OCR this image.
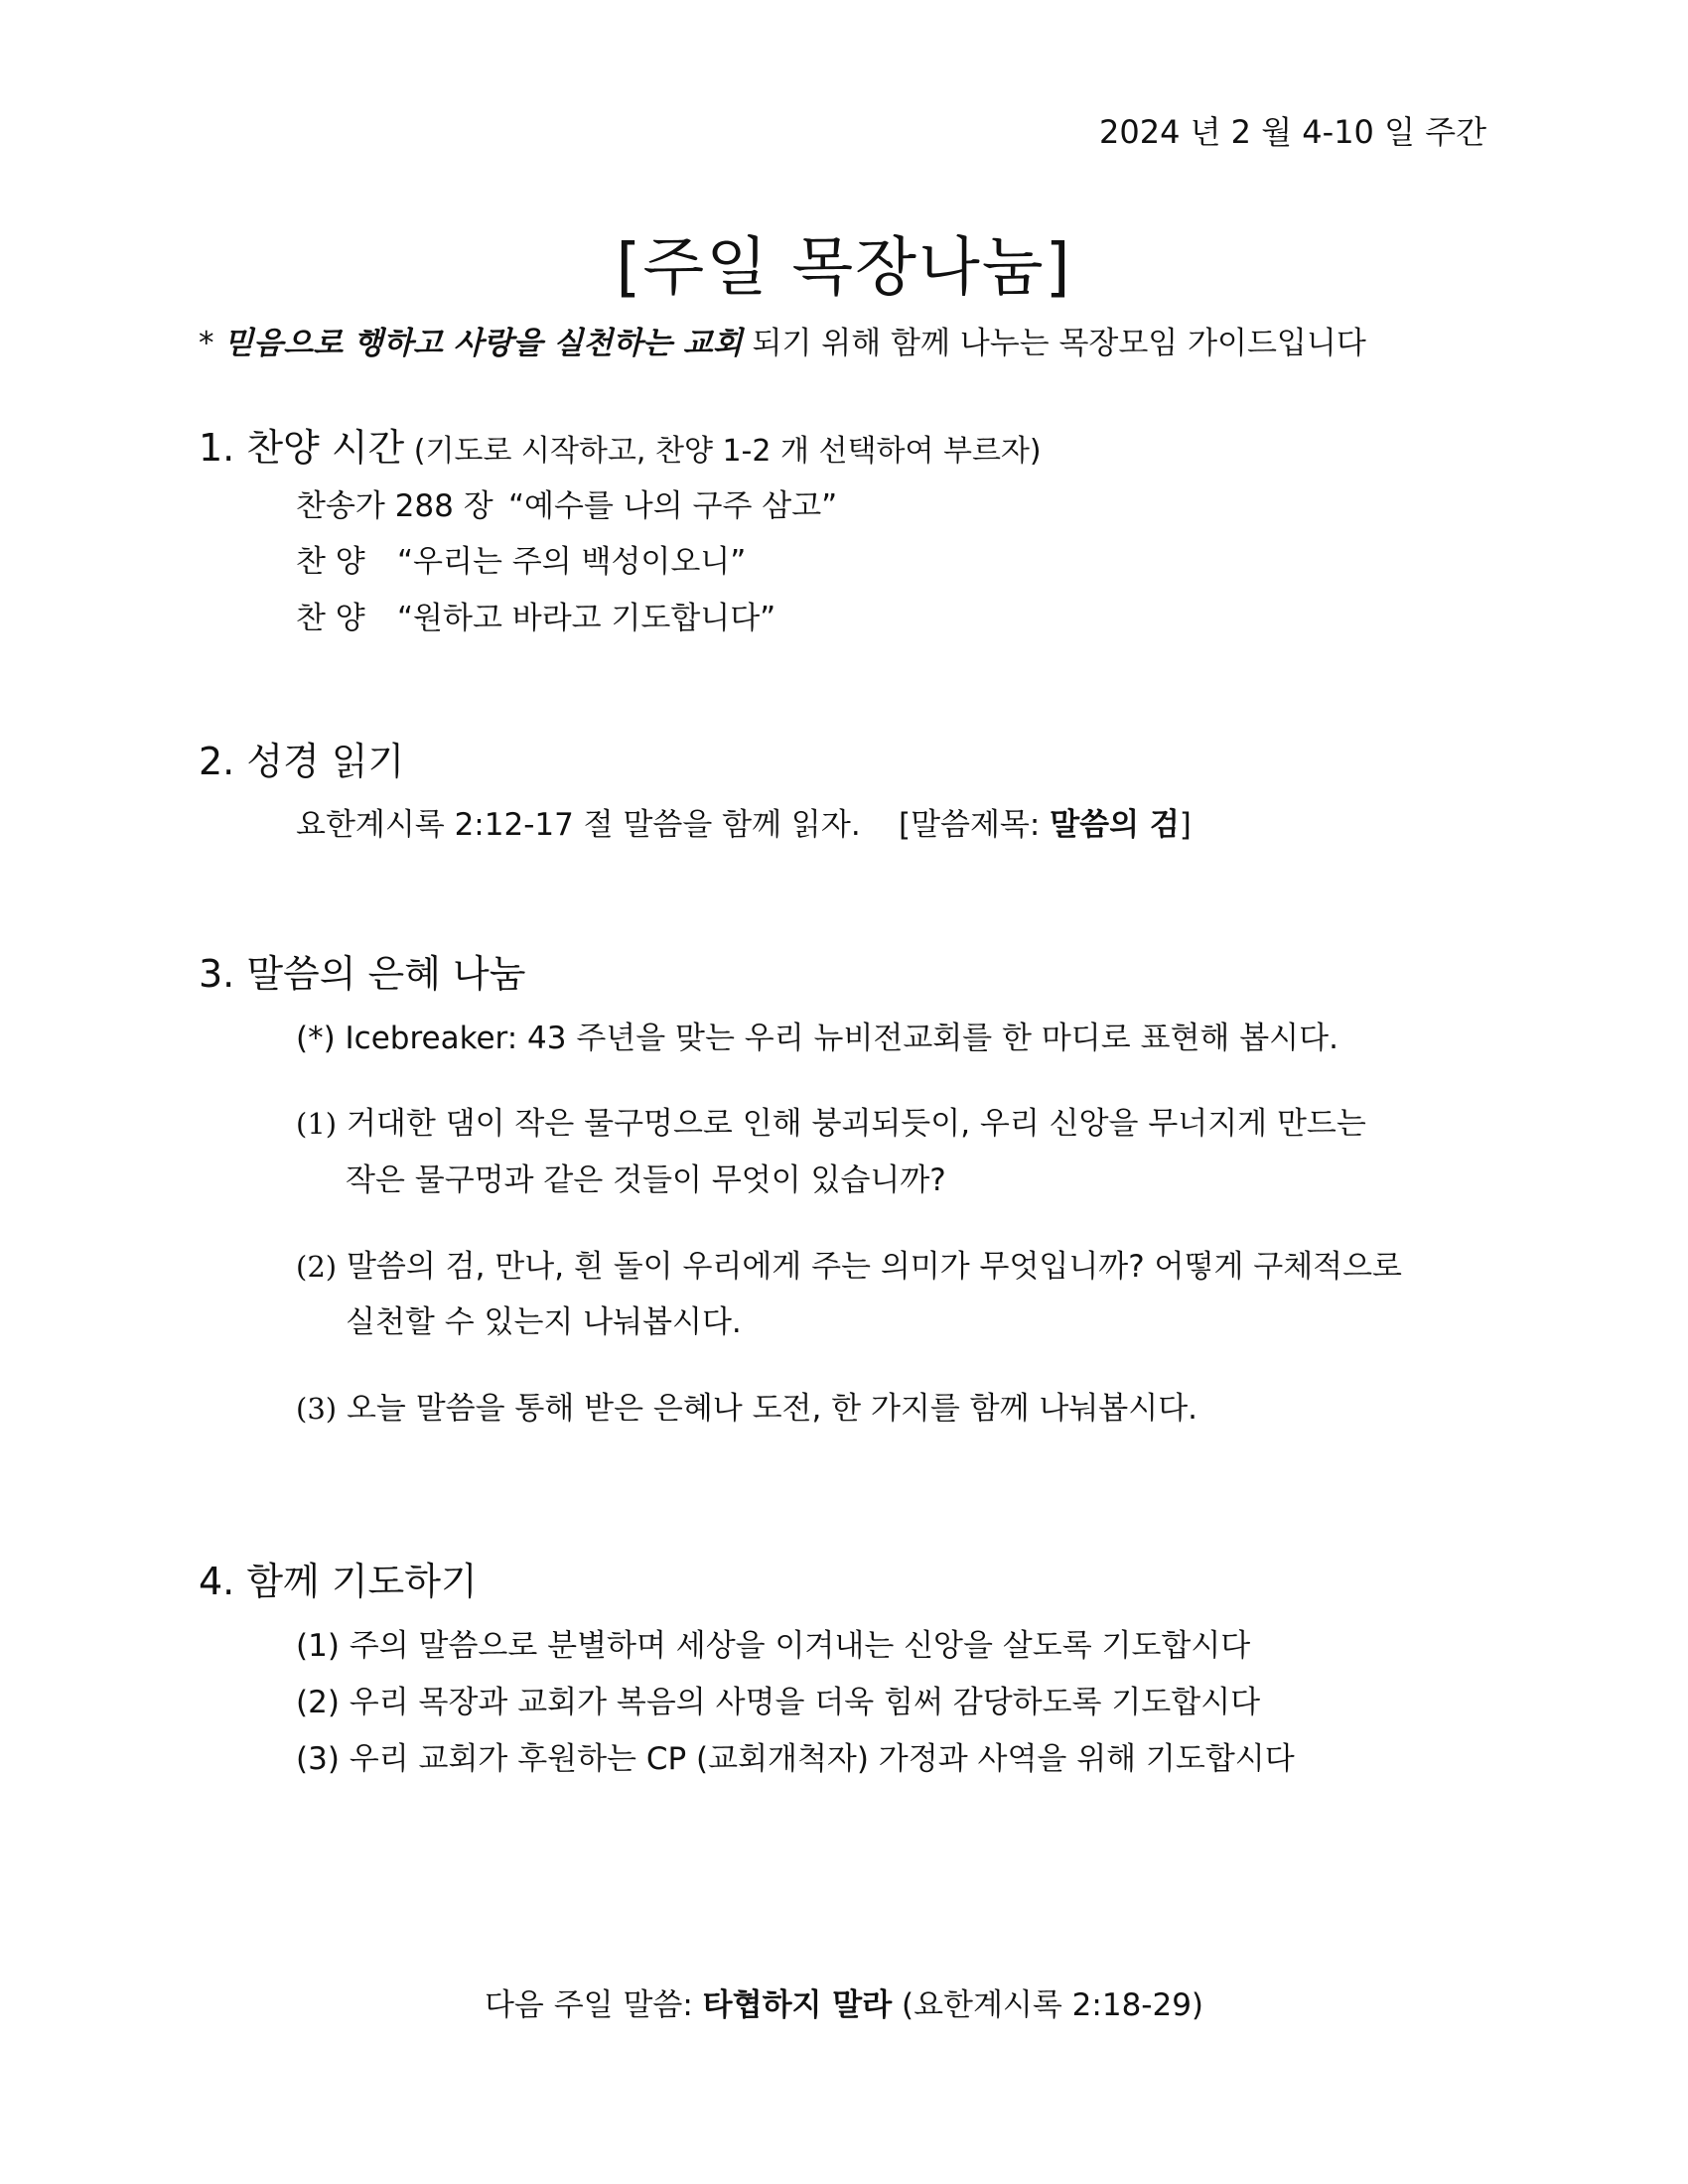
2024 년 2 월 4-10 일 주간
[주일 목장나눔]
* 믿음으로 행하고 사랑을 실천하는 교회 되기 위해 함께 나누는 목장모임 가이드입니다
1. 찬양 시간 (기도로 시작하고, 찬양 1-2 개 선택하여 부르자)
찬송가 288 장 “예수를 나의 구주 삼고”
찬 양 “우리는 주의 백성이오니”
찬 양 “원하고 바라고 기도합니다”
2. 성경 읽기
요한계시록 2:12-17 절 말씀을 함께 읽자. [말씀제목: 말씀의 검]
3. 말씀의 은혜 나눔
(*) Icebreaker: 43 주년을 맞는 우리 뉴비전교회를 한 마디로 표현해 봅시다.
(1) 거대한 댐이 작은 물구멍으로 인해 붕괴되듯이, 우리 신앙을 무너지게 만드는
작은 물구멍과 같은 것들이 무엇이 있습니까?
(2) 말씀의 검, 만나, 흰 돌이 우리에게 주는 의미가 무엇입니까? 어떻게 구체적으로
실천할 수 있는지 나눠봅시다.
(3) 오늘 말씀을 통해 받은 은혜나 도전, 한 가지를 함께 나눠봅시다.
4. 함께 기도하기
(1) 주의 말씀으로 분별하며 세상을 이겨내는 신앙을 살도록 기도합시다
(2) 우리 목장과 교회가 복음의 사명을 더욱 힘써 감당하도록 기도합시다
(3) 우리 교회가 후원하는 CP (교회개척자) 가정과 사역을 위해 기도합시다
다음 주일 말씀: 타협하지 말라 (요한계시록 2:18-29)
